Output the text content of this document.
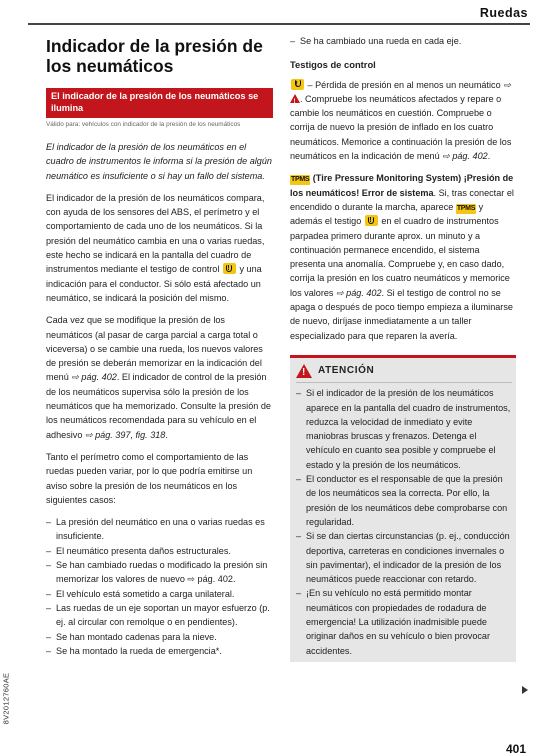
Ruedas
Indicador de la presión de los neumáticos
El indicador de la presión de los neumáticos se ilumina
Válido para: vehículos con indicador de la presión de los neumáticos
El indicador de la presión de los neumáticos en el cuadro de instrumentos le informa si la presión de algún neumático es insuficiente o si hay un fallo del sistema.

El indicador de la presión de los neumáticos compara, con ayuda de los sensores del ABS, el perímetro y el comportamiento de cada uno de los neumáticos. Si la presión del neumático cambia en una o varias ruedas, este hecho se indicará en la pantalla del cuadro de instrumentos mediante el testigo de control ! y una indicación para el conductor. Si sólo está afectado un neumático, se indicará la posición del mismo.

Cada vez que se modifique la presión de los neumáticos (al pasar de carga parcial a carga total o viceversa) o se cambie una rueda, los nuevos valores de presión se deberán memorizar en la indicación del menú ⇨ pág. 402. El indicador de control de la presión de los neumáticos supervisa sólo la presión de los neumáticos que ha memorizado. Consulte la presión de los neumáticos recomendada para su vehículo en el adhesivo ⇨ pág. 397, fig. 318.

Tanto el perímetro como el comportamiento de las ruedas pueden variar, por lo que podría emitirse un aviso sobre la presión de los neumáticos en los siguientes casos:

– La presión del neumático en una o varias ruedas es insuficiente.
– El neumático presenta daños estructurales.
– Se han cambiado ruedas o modificado la presión sin memorizar los valores de nuevo ⇨ pág. 402.
– El vehículo está sometido a carga unilateral.
– Las ruedas de un eje soportan un mayor esfuerzo (p. ej. al circular con remolque o en pendientes).
– Se han montado cadenas para la nieve.
– Se ha montado la rueda de emergencia*.
– Se ha cambiado una rueda en cada eje.
Testigos de control

! – Pérdida de presión en al menos un neumático ⇨ !. Compruebe los neumáticos afectados y repare o cambie los neumáticos en cuestión. Compruebe o corrija de nuevo la presión de inflado en los cuatro neumáticos. Memorice a continuación la presión de los neumáticos en la indicación de menú ⇨ pág. 402.

TPMS (Tire Pressure Monitoring System) ¡Presión de los neumáticos! Error de sistema. Si, tras conectar el encendido o durante la marcha, aparece TPMS y además el testigo ! en el cuadro de instrumentos parpadea primero durante aprox. un minuto y a continuación permanece encendido, el sistema presenta una anomalía. Compruebe y, en caso dado, corrija la presión en los cuatro neumáticos y memorice los valores ⇨ pág. 402. Si el testigo de control no se apaga o después de poco tiempo empieza a iluminarse de nuevo, diríjase inmediatamente a un taller especializado para que reparen la avería.

!
ATENCIÓN
– Si el indicador de la presión de los neumáticos aparece en la pantalla del cuadro de instrumentos, reduzca la velocidad de inmediato y evite maniobras bruscas y frenazos. Detenga el vehículo en cuanto sea posible y compruebe el estado y la presión de los neumáticos.
– El conductor es el responsable de que la presión de los neumáticos sea la correcta. Por ello, la presión de los neumáticos debe comprobarse con regularidad.
– Si se dan ciertas circunstancias (p. ej., conducción deportiva, carreteras en condiciones invernales o sin pavimentar), el indicador de la presión de los neumáticos puede reaccionar con retardo.
– ¡En su vehículo no está permitido montar neumáticos con propiedades de rodadura de emergencia! La utilización inadmisible puede originar daños en su vehículo o bien provocar accidentes.
8V2012760AE
401
